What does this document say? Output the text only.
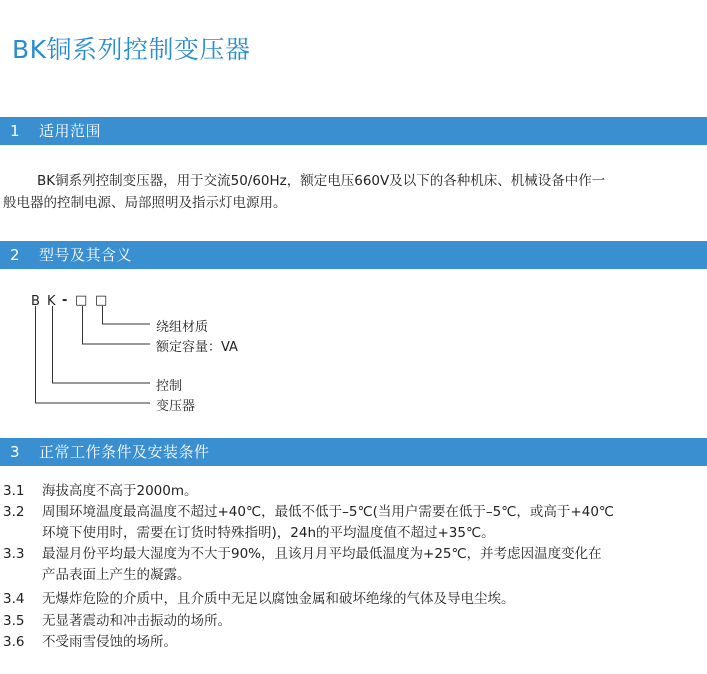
BK铜系列控制变压器
1 适用范围
BK铜系列控制变压器，用于交流50/60Hz，额定电压660V及以下的各种机床、机械设备中作一
般电器的控制电源、局部照明及指示灯电源用。
2 型号及其含义
B K - □ □
绕组材质
额定容量：VA
控制
变压器
3 正常工作条件及安装条件
3.1 海拔高度不高于2000m。
3.2 周围环境温度最高温度不超过+40℃，最低不低于–5℃(当用户需要在低于–5℃，或高于+40℃
环境下使用时，需要在订货时特殊指明)，24h的平均温度值不超过+35℃。
3.3 最湿月份平均最大湿度为不大于90%，且该月月平均最低温度为+25℃，并考虑因温度变化在
产品表面上产生的凝露。
3.4 无爆炸危险的介质中，且介质中无足以腐蚀金属和破坏绝缘的气体及导电尘埃。
3.5 无显著震动和冲击振动的场所。
3.6 不受雨雪侵蚀的场所。
